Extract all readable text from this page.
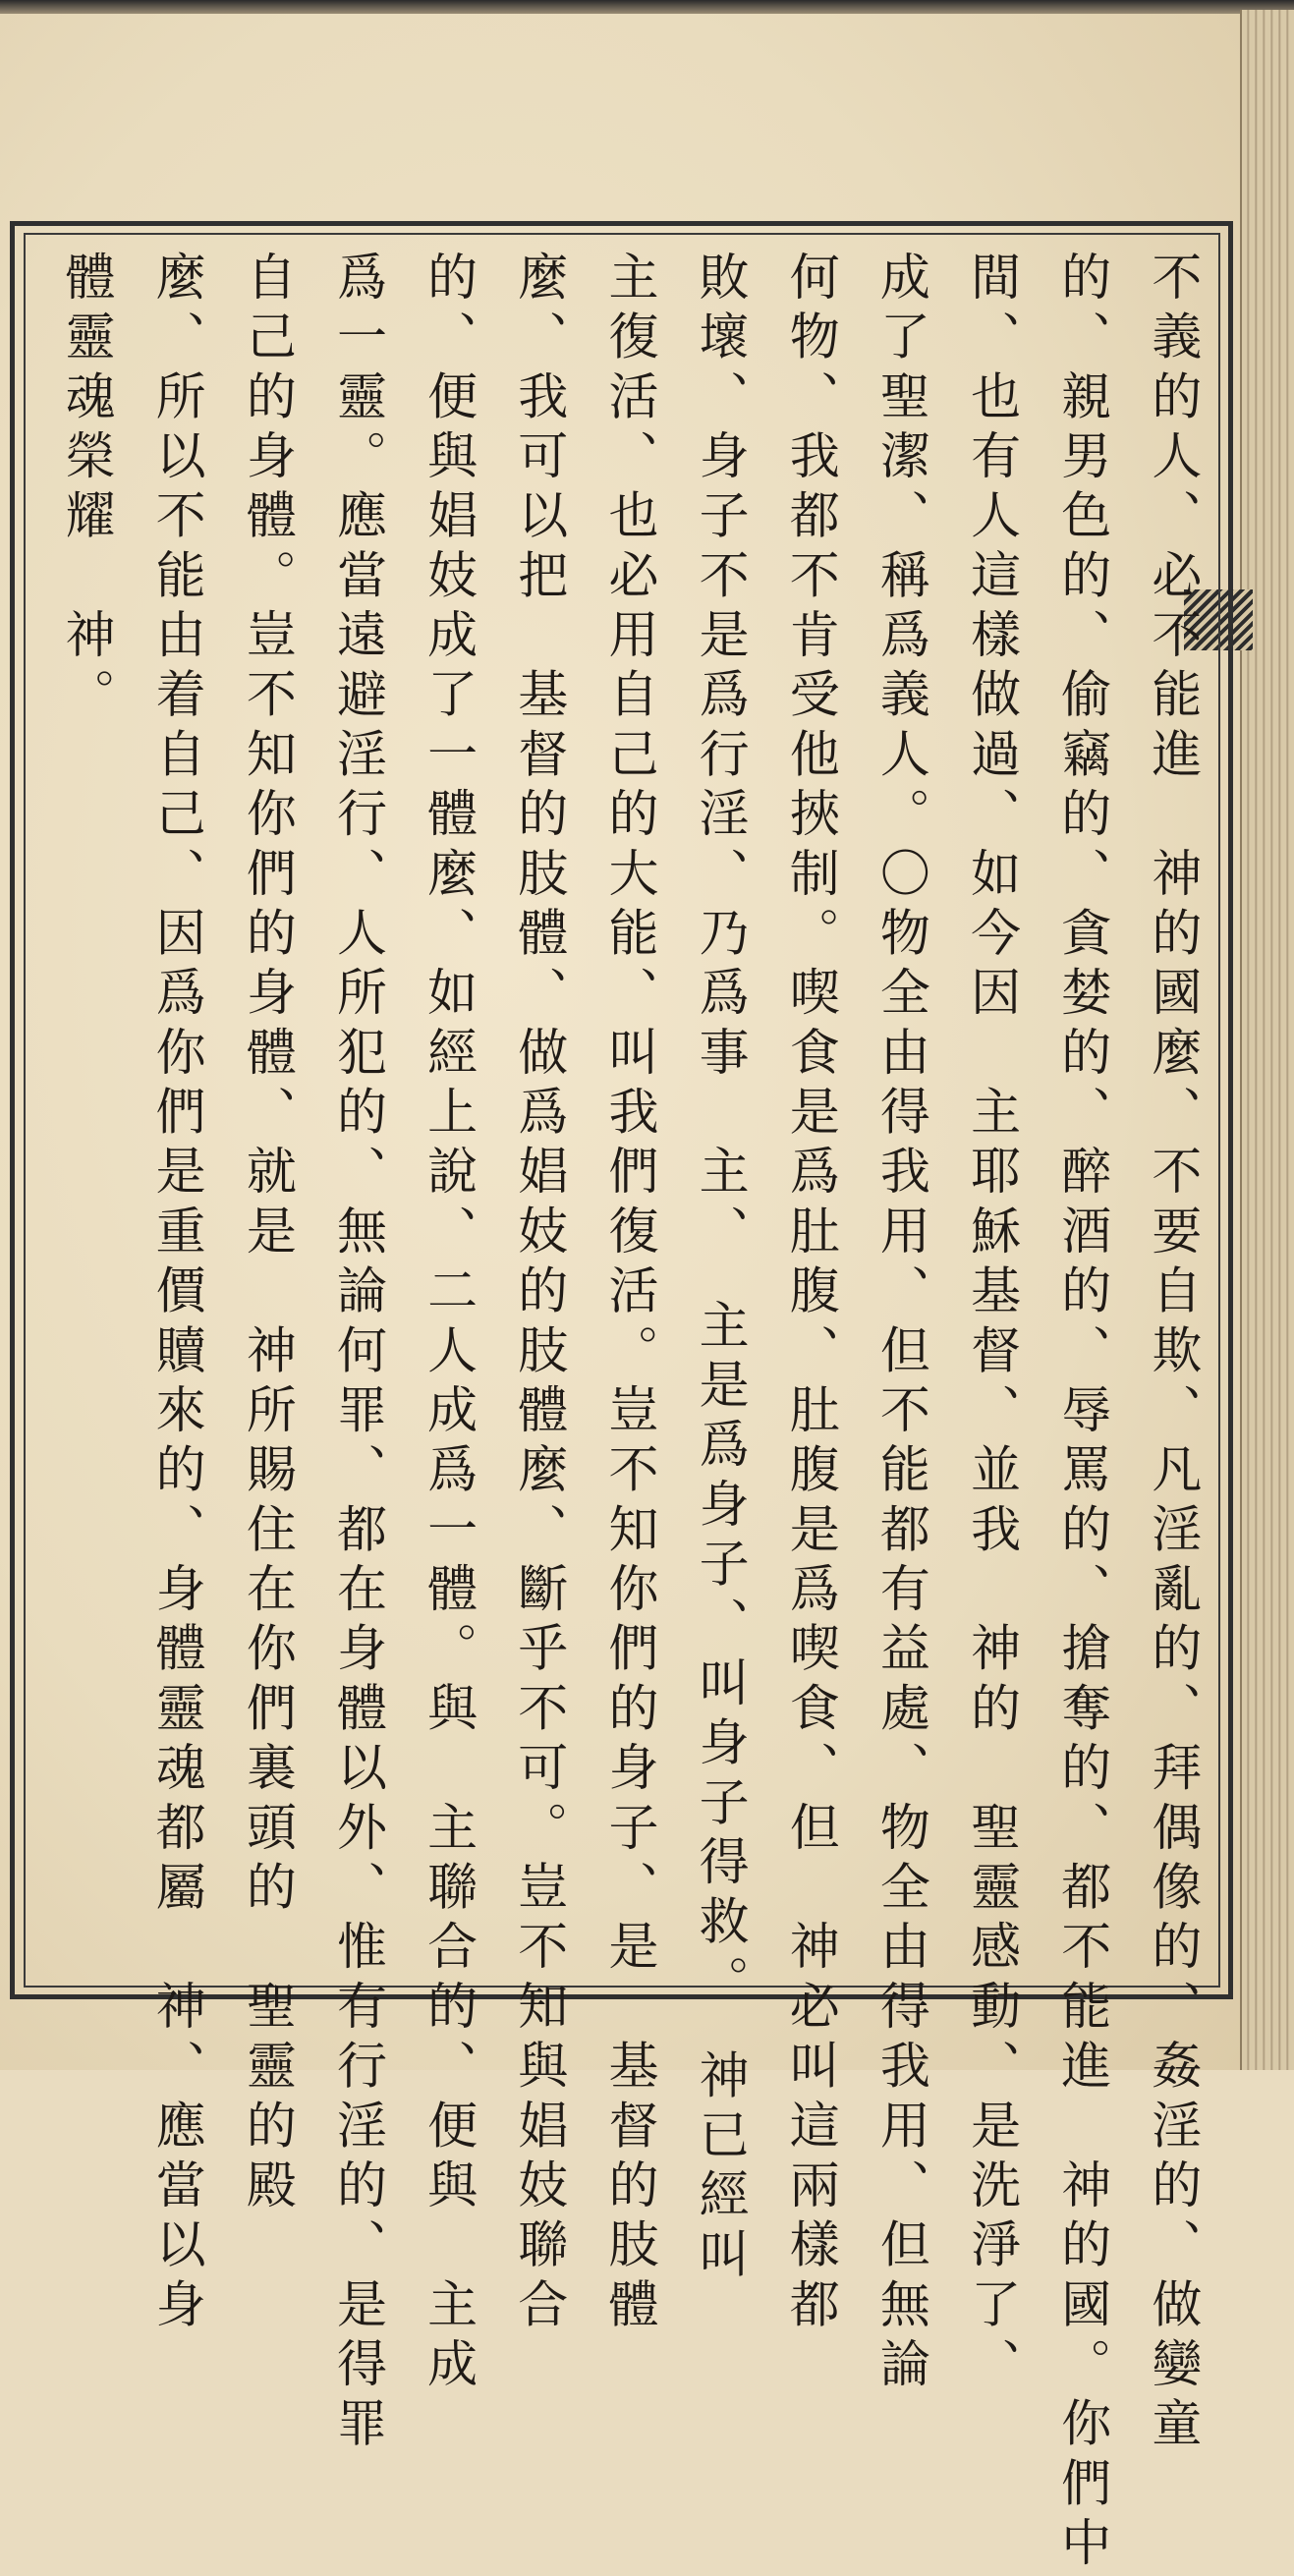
不義的人、必不能進　神的國麼、不要自欺、凡淫亂的、拜偶像的、姦淫的、做孌童
的、親男色的、偷竊的、貪婪的、醉酒的、辱罵的、搶奪的、都不能進　神的國。你們中
間、也有人這樣做過、如今因　主耶穌基督、並我　神的　聖靈感動、是洗淨了、
成了聖潔、稱爲義人。〇物全由得我用、但不能都有益處、物全由得我用、但無論
何物、我都不肯受他挾制。喫食是爲肚腹、肚腹是爲喫食、但　神必叫這兩樣都
敗壞、身子不是爲行淫、乃爲事　主、　主是爲身子、叫身子得救。　神已經叫
主復活、也必用自己的大能、叫我們復活。豈不知你們的身子、是　基督的肢體
麼、我可以把　基督的肢體、做爲娼妓的肢體麼、斷乎不可。豈不知與娼妓聯合
的、便與娼妓成了一體麼、如經上說、二人成爲一體。與　主聯合的、便與　主成
爲一靈。應當遠避淫行、人所犯的、無論何罪、都在身體以外、惟有行淫的、是得罪
自己的身體。豈不知你們的身體、就是　神所賜住在你們裏頭的　聖靈的殿
麼、所以不能由着自己、因爲你們是重價贖來的、身體靈魂都屬　神、應當以身
體靈魂榮耀　神。
